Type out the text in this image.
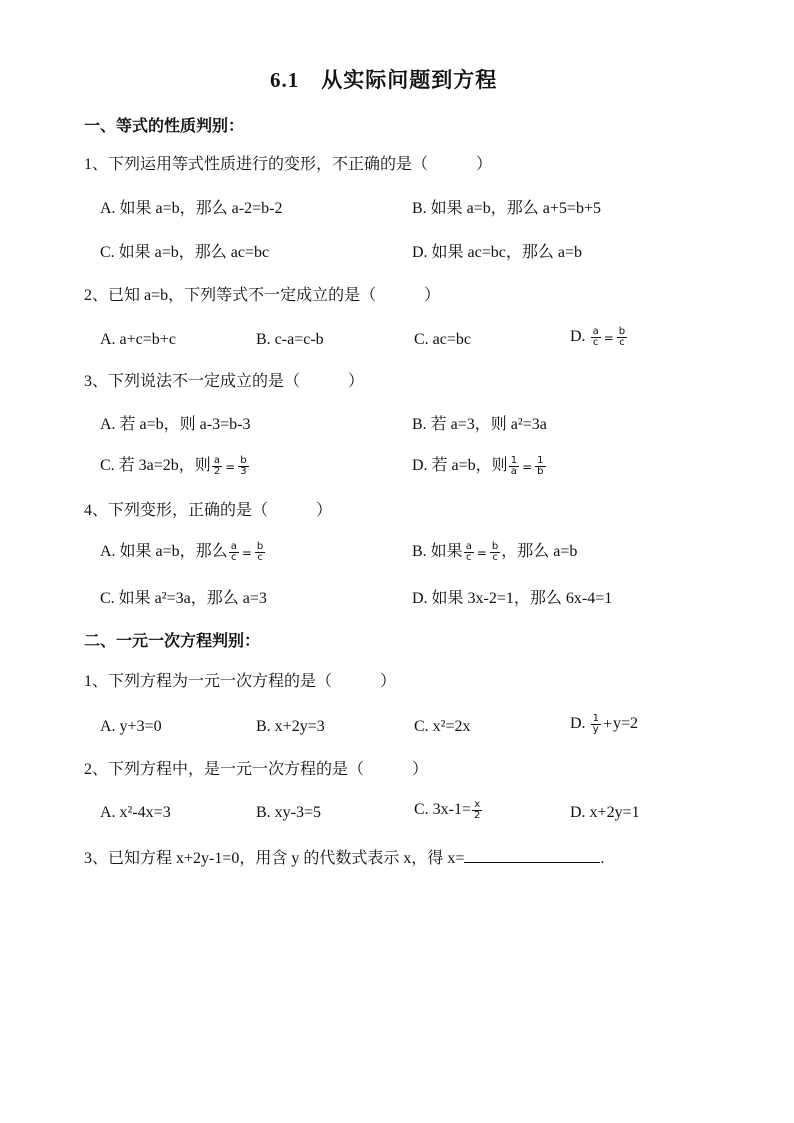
6.1　从实际问题到方程
一、等式的性质判别：
1、下列运用等式性质进行的变形，不正确的是（　　　）
A. 如果 a=b，那么 a-2=b-2	B. 如果 a=b，那么 a+5=b+5
C. 如果 a=b，那么 ac=bc	D. 如果 ac=bc，那么 a=b
2、已知 a=b，下列等式不一定成立的是（　　　）
A. a+c=b+c	B. c-a=c-b	C. ac=bc	D. $\frac{a}{c} = \frac{b}{c}$
3、下列说法不一定成立的是（　　　）
A. 若 a=b，则 a-3=b-3	B. 若 a=3，则 a²=3a
C. 若 3a=2b，则 $\frac{a}{2} = \frac{b}{3}$	D. 若 a=b，则 $\frac{1}{a} = \frac{1}{b}$
4、下列变形，正确的是（　　　）
A. 如果 a=b，那么 $\frac{a}{c} = \frac{b}{c}$	B. 如果 $\frac{a}{c} = \frac{b}{c}$ ，那么 a=b
C. 如果 a²=3a，那么 a=3	D. 如果 3x-2=1，那么 6x-4=1
二、一元一次方程判别：
1、下列方程为一元一次方程的是（　　　）
A. y+3=0	B. x+2y=3	C. x²=2x	D. $\frac{1}{y} +y=2$
2、下列方程中，是一元一次方程的是（　　　）
A. x²-4x=3	B. xy-3=5	C. $3x-1= \frac{x}{2}$	D. x+2y=1
3、已知方程 x+2y-1=0，用含 y 的代数式表示 x，得 x=	.
